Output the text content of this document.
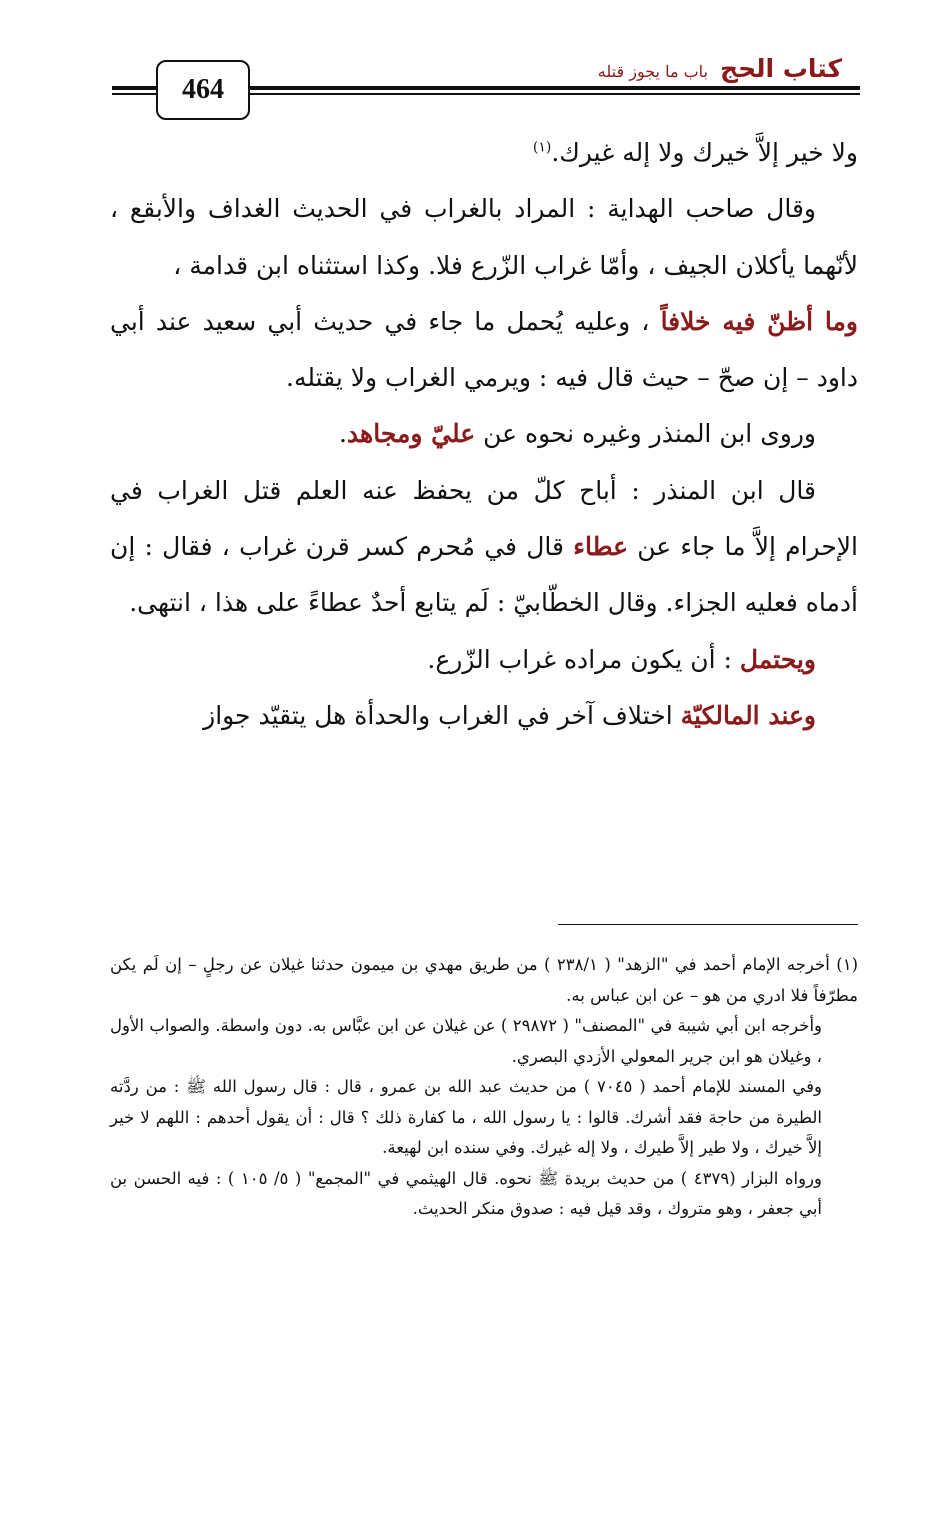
464
كتاب الحج
باب ما يجوز قتله

ولا خير إلاَّ خيرك ولا إله غيرك.$^{(١)}$

وقال صاحب الهداية : المراد بالغراب في الحديث الغداف والأبقع ، لأنّهما يأكلان الجيف ، وأمّا غراب الزّرع فلا. وكذا استثناه ابن قدامة ،
وما أظنّ فيه خلافاً ، وعليه يُحمل ما جاء في حديث أبي سعيد عند أبي داود – إن صحّ – حيث قال فيه : ويرمي الغراب ولا يقتله.

وروى ابن المنذر وغيره نحوه عن عليّ ومجاهد.

قال ابن المنذر : أباح كلّ من يحفظ عنه العلم قتل الغراب في الإحرام إلاَّ ما جاء عن عطاء قال في مُحرم كسر قرن غراب ، فقال : إن أدماه فعليه الجزاء. وقال الخطّابيّ : لَم يتابع أحدٌ عطاءً على هذا ، انتهى.

ويحتمل : أن يكون مراده غراب الزّرع.

وعند المالكيّة اختلاف آخر في الغراب والحدأة هل يتقيّد جواز

(١) أخرجه الإمام أحمد في "الزهد" ( ٢٣٨/١ ) من طريق مهدي بن ميمون حدثنا غيلان عن رجلٍ – إن لَم يكن مطرّفاً فلا ادري من هو – عن ابن عباس به.

وأخرجه ابن أبي شيبة في "المصنف" ( ٢٩٨٧٢ ) عن غيلان عن ابن عبَّاس به. دون واسطة. والصواب الأول ، وغيلان هو ابن جرير المعولي الأزدي البصري.

وفي المسند للإمام أحمد ( ٧٠٤٥ ) من حديث عبد الله بن عمرو ، قال : قال رسول الله ﷺ : من ردَّته الطيرة من حاجة فقد أشرك. قالوا : يا رسول الله ، ما كفارة ذلك ؟ قال : أن يقول أحدهم : اللهم لا خير إلاَّ خيرك ، ولا طير إلاَّ طيرك ، ولا إله غيرك. وفي سنده ابن لهيعة.

ورواه البزار (٤٣٧٩ ) من حديث بريدة ﷺ نحوه. قال الهيثمي في "المجمع" ( ٥/ ١٠٥ ) : فيه الحسن بن أبي جعفر ، وهو متروك ، وقد قيل فيه : صدوق منكر الحديث.
